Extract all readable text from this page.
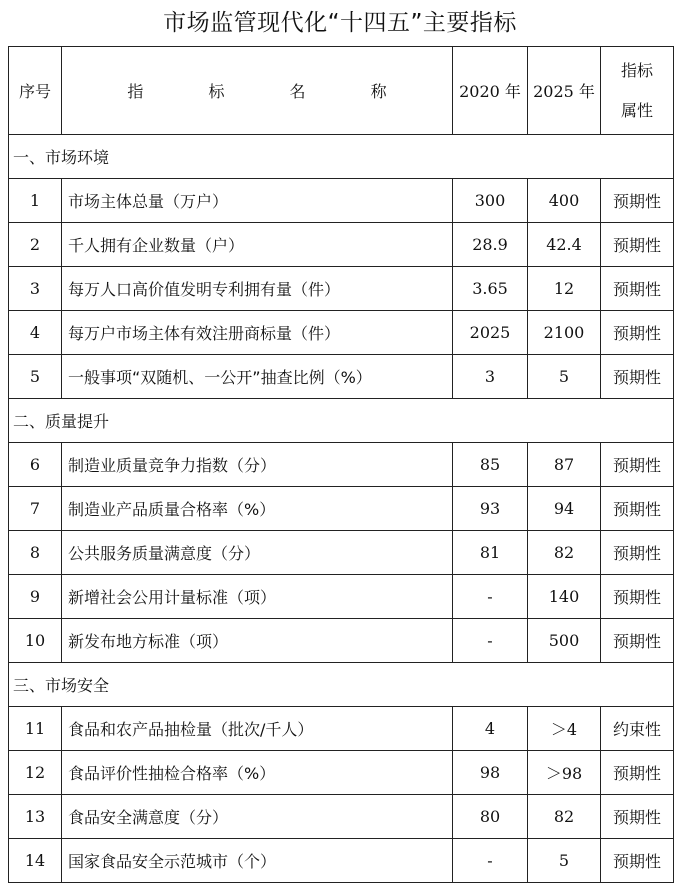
市场监管现代化“十四五”主要指标
序号	指 标 名 称	2020 年	2025 年	指标
属性

一、市场环境				
1	市场主体总量（万户）	300	400	预期性
2	千人拥有企业数量（户）	28.9	42.4	预期性
3	每万人口高价值发明专利拥有量（件）	3.65	12	预期性
4	每万户市场主体有效注册商标量（件）	2025	2100	预期性
5	一般事项“双随机、一公开”抽查比例（%）	3	5	预期性
二、质量提升				
6	制造业质量竞争力指数（分）	85	87	预期性
7	制造业产品质量合格率（%）	93	94	预期性
8	公共服务质量满意度（分）	81	82	预期性
9	新增社会公用计量标准（项）	-	140	预期性
10	新发布地方标准（项）	-	500	预期性
三、市场安全				
11	食品和农产品抽检量（批次/千人）	4	＞4	约束性
12	食品评价性抽检合格率（%）	98	＞98	预期性
13	食品安全满意度（分）	80	82	预期性
14	国家食品安全示范城市（个）	-	5	预期性
